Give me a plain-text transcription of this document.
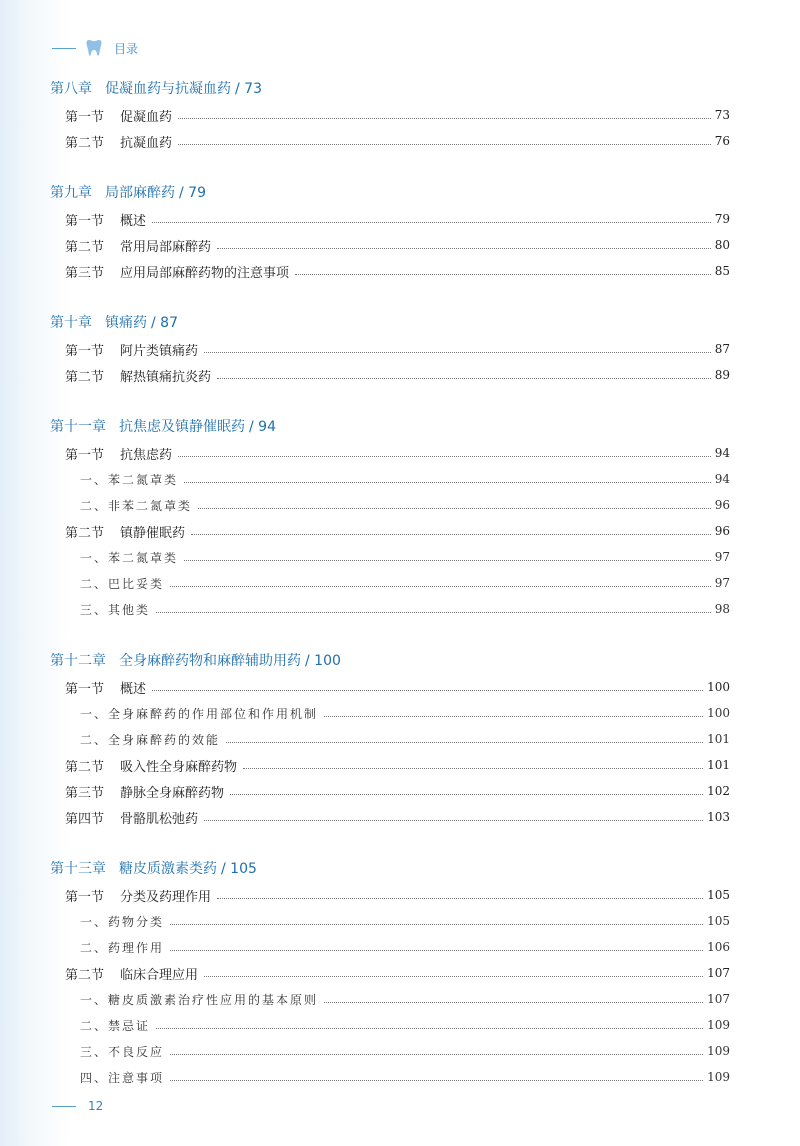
目录
第八章 促凝血药与抗凝血药 / 73
第一节 促凝血药	73
第二节 抗凝血药	76
第九章 局部麻醉药 / 79
第一节 概述	79
第二节 常用局部麻醉药	80
第三节 应用局部麻醉药物的注意事项	85
第十章 镇痛药 / 87
第一节 阿片类镇痛药	87
第二节 解热镇痛抗炎药	89
第十一章 抗焦虑及镇静催眠药 / 94
第一节 抗焦虑药	94
一、 苯二氮䓬类	94
二、 非苯二氮䓬类	96
第二节 镇静催眠药	96
一、 苯二氮䓬类	97
二、 巴比妥类	97
三、 其他类	98
第十二章 全身麻醉药物和麻醉辅助用药 / 100
第一节 概述	100
一、 全身麻醉药的作用部位和作用机制	100
二、 全身麻醉药的效能	101
第二节 吸入性全身麻醉药物	101
第三节 静脉全身麻醉药物	102
第四节 骨骼肌松弛药	103
第十三章 糖皮质激素类药 / 105
第一节 分类及药理作用	105
一、 药物分类	105
二、 药理作用	106
第二节 临床合理应用	107
一、 糖皮质激素治疗性应用的基本原则	107
二、 禁忌证	109
三、 不良反应	109
四、 注意事项	109
12
